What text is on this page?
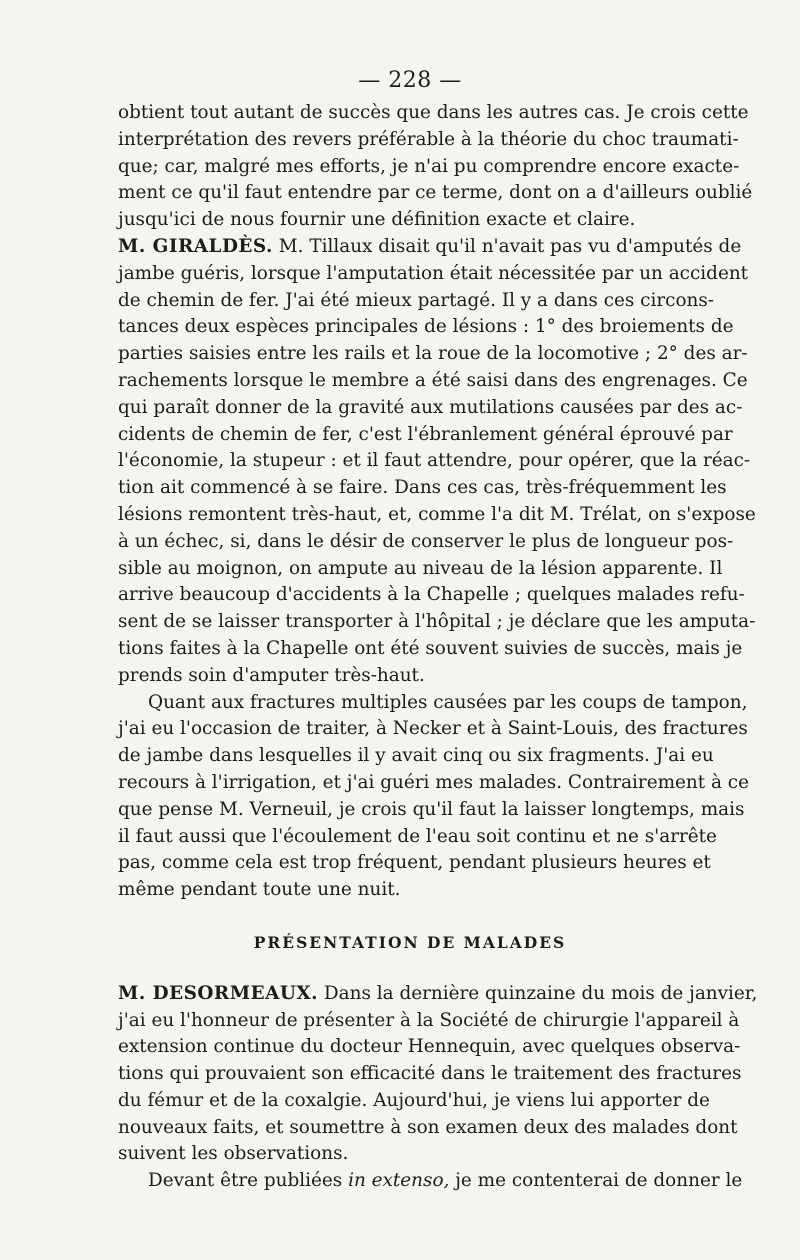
— 228 —
obtient tout autant de succès que dans les autres cas. Je crois cette
interprétation des revers préférable à la théorie du choc traumati-
que; car, malgré mes efforts, je n'ai pu comprendre encore exacte-
ment ce qu'il faut entendre par ce terme, dont on a d'ailleurs oublié
jusqu'ici de nous fournir une définition exacte et claire.
M. GIRALDÈS. M. Tillaux disait qu'il n'avait pas vu d'amputés de
jambe guéris, lorsque l'amputation était nécessitée par un accident
de chemin de fer. J'ai été mieux partagé. Il y a dans ces circons-
tances deux espèces principales de lésions : 1° des broiements de
parties saisies entre les rails et la roue de la locomotive ; 2° des ar-
rachements lorsque le membre a été saisi dans des engrenages. Ce
qui paraît donner de la gravité aux mutilations causées par des ac-
cidents de chemin de fer, c'est l'ébranlement général éprouvé par
l'économie, la stupeur : et il faut attendre, pour opérer, que la réac-
tion ait commencé à se faire. Dans ces cas, très-fréquemment les
lésions remontent très-haut, et, comme l'a dit M. Trélat, on s'expose
à un échec, si, dans le désir de conserver le plus de longueur pos-
sible au moignon, on ampute au niveau de la lésion apparente. Il
arrive beaucoup d'accidents à la Chapelle ; quelques malades refu-
sent de se laisser transporter à l'hôpital ; je déclare que les amputa-
tions faites à la Chapelle ont été souvent suivies de succès, mais je
prends soin d'amputer très-haut.
Quant aux fractures multiples causées par les coups de tampon,
j'ai eu l'occasion de traiter, à Necker et à Saint-Louis, des fractures
de jambe dans lesquelles il y avait cinq ou six fragments. J'ai eu
recours à l'irrigation, et j'ai guéri mes malades. Contrairement à ce
que pense M. Verneuil, je crois qu'il faut la laisser longtemps, mais
il faut aussi que l'écoulement de l'eau soit continu et ne s'arrête
pas, comme cela est trop fréquent, pendant plusieurs heures et
même pendant toute une nuit.
PRÉSENTATION DE MALADES
M. DESORMEAUX. Dans la dernière quinzaine du mois de janvier,
j'ai eu l'honneur de présenter à la Société de chirurgie l'appareil à
extension continue du docteur Hennequin, avec quelques observa-
tions qui prouvaient son efficacité dans le traitement des fractures
du fémur et de la coxalgie. Aujourd'hui, je viens lui apporter de
nouveaux faits, et soumettre à son examen deux des malades dont
suivent les observations.
Devant être publiées in extenso, je me contenterai de donner le
